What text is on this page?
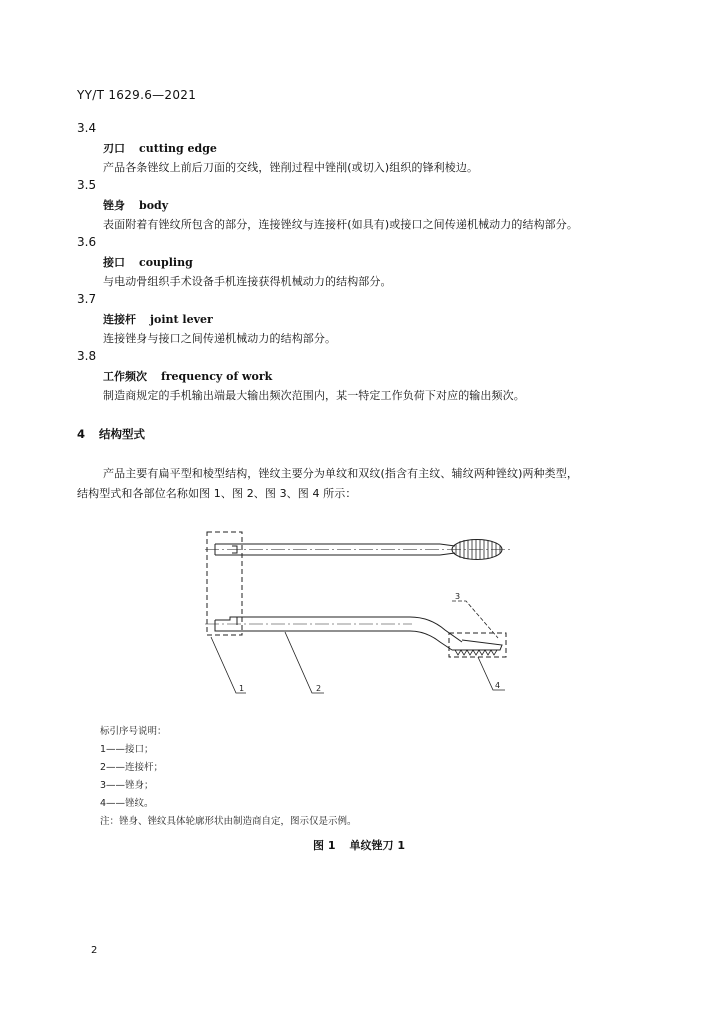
YY/T 1629.6—2021
3.4
刃口 cutting edge
产品各条锉纹上前后刀面的交线，锉削过程中锉削(或切入)组织的锋利棱边。
3.5
锉身 body
表面附着有锉纹所包含的部分，连接锉纹与连接杆(如具有)或接口之间传递机械动力的结构部分。
3.6
接口 coupling
与电动骨组织手术设备手机连接获得机械动力的结构部分。
3.7
连接杆 joint lever
连接锉身与接口之间传递机械动力的结构部分。
3.8
工作频次 frequency of work
制造商规定的手机输出端最大输出频次范围内，某一特定工作负荷下对应的输出频次。
4 结构型式
产品主要有扁平型和棱型结构，锉纹主要分为单纹和双纹(指含有主纹、辅纹两种锉纹)两种类型，
结构型式和各部位名称如图 1、图 2、图 3、图 4 所示：
1	2
3
4
标引序号说明：
1——接口；
2——连接杆；
3——锉身；
4——锉纹。
注：锉身、锉纹具体轮廓形状由制造商自定，图示仅是示例。
图 1 单纹锉刀 1
2
